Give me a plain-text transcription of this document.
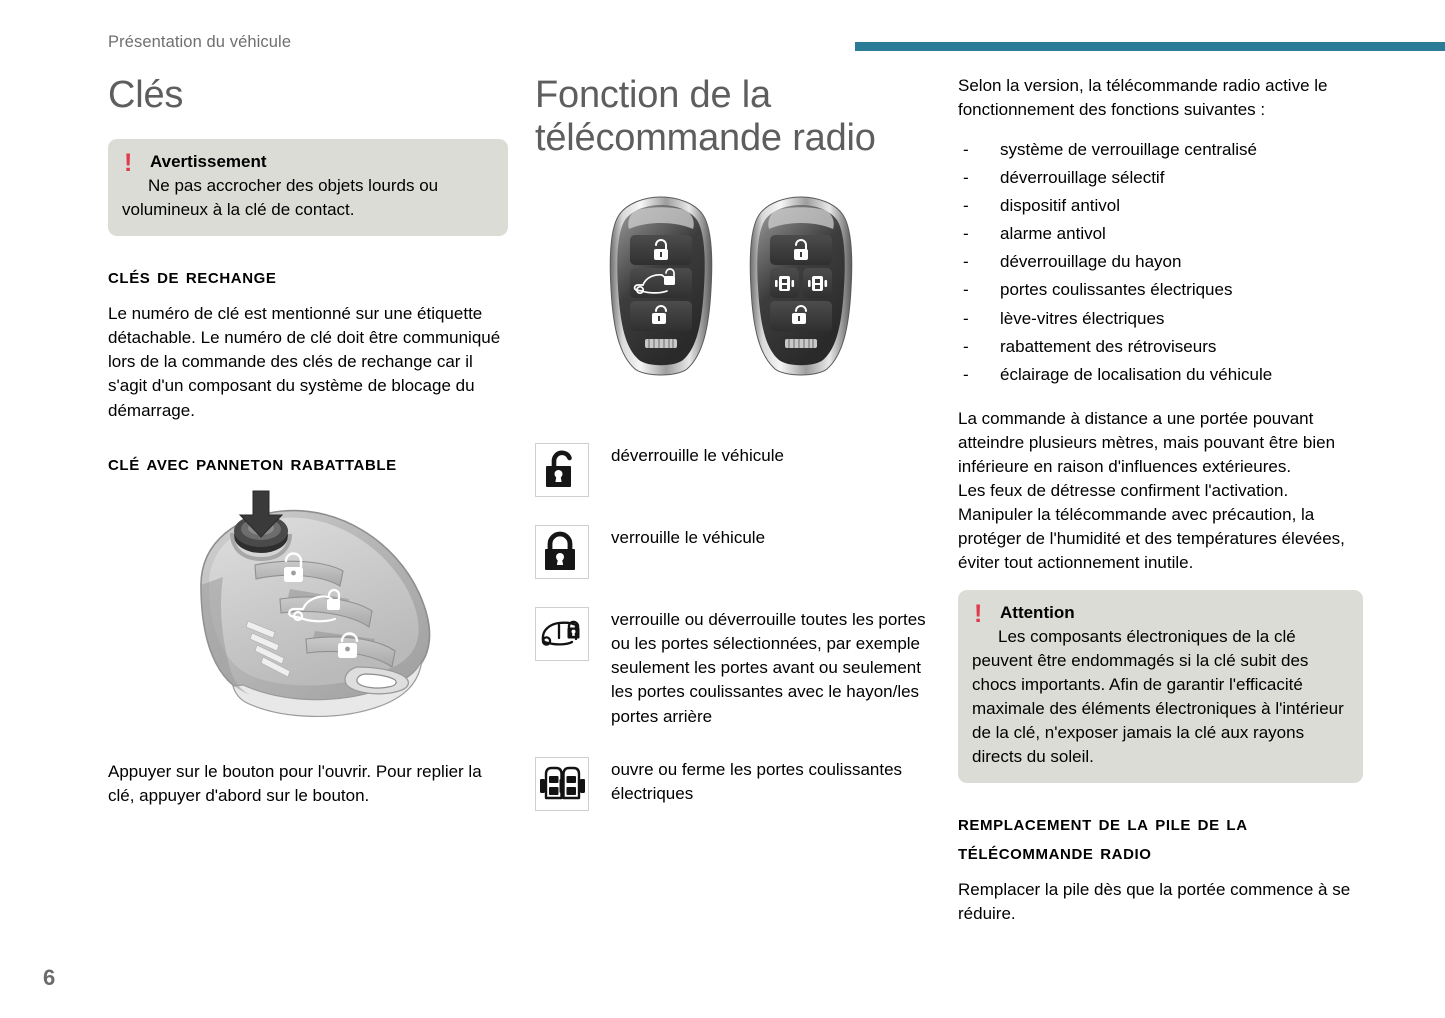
Présentation du véhicule
Clés
! Avertissement

Ne pas accrocher des objets lourds ou volumineux à la clé de contact.

clés de rechange

Le numéro de clé est mentionné sur une étiquette détachable. Le numéro de clé doit être communiqué lors de la commande des clés de rechange car il s'agit d'un composant du système de blocage du démarrage.

clé avec panneton rabattable

Appuyer sur le bouton pour l'ouvrir. Pour replier la clé, appuyer d'abord sur le bouton.

Fonction de la télécommande radio
déverrouille le véhicule
verrouille le véhicule
verrouille ou déverrouille toutes les portes ou les portes sélectionnées, par exemple seulement les portes avant ou seulement les portes coulissantes avec le hayon/les portes arrière
ouvre ou ferme les portes coulissantes électriques

Selon la version, la télécommande radio active le fonctionnement des fonctions suivantes :

- système de verrouillage centralisé
- déverrouillage sélectif
- dispositif antivol
- alarme antivol
- déverrouillage du hayon
- portes coulissantes électriques
- lève-vitres électriques
- rabattement des rétroviseurs
- éclairage de localisation du véhicule

La commande à distance a une portée pouvant atteindre plusieurs mètres, mais pouvant être bien inférieure en raison d'influences extérieures.

Les feux de détresse confirment l'activation. Manipuler la télécommande avec précaution, la protéger de l'humidité et des températures élevées, éviter tout actionnement inutile.

! Attention

Les composants électroniques de la clé peuvent être endommagés si la clé subit des chocs importants. Afin de garantir l'efficacité maximale des éléments électroniques à l'intérieur de la clé, n'exposer jamais la clé aux rayons directs du soleil.

remplacement de la pile de la télécommande radio

Remplacer la pile dès que la portée commence à se réduire.

6
